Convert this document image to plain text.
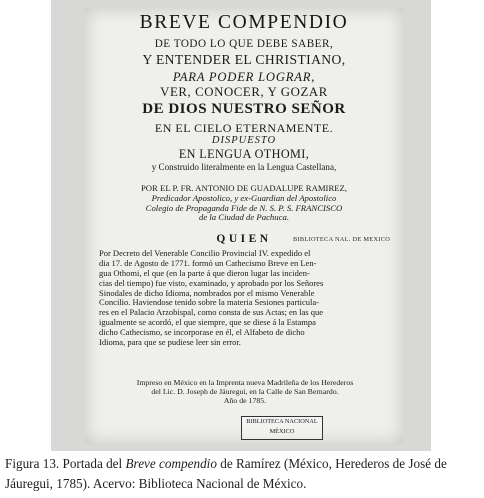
BREVE COMPENDIO
DE TODO LO QUE DEBE SABER,
Y ENTENDER EL CHRISTIANO,
PARA PODER LOGRAR,
VER, CONOCER, Y GOZAR
DE DIOS NUESTRO SEÑOR
EN EL CIELO ETERNAMENTE.
DISPUESTO
EN LENGUA OTHOMI,
y Construido literalmente en la Lengua Castellana,
POR EL P. FR. ANTONIO DE GUADALUPE RAMIREZ,
Predicador Apostolico, y ex-Guardian del Apostolico
Colegio de Propaganda Fide de N. S. P. S. FRANCISCO
de la Ciudad de Pachuca.
QUIEN	BIBLIOTECA NAL. DE MEXICO
Por Decreto del Venerable Concilio Provincial IV. expedido el
dia 17. de Agosto de 1771. formó un Cathecismo Breve en Len-
gua Othomi, el que (en la parte á que dieron lugar las inciden-
cias del tiempo) fue visto, examinado, y aprobado por los Señores
Sinodales de dicho Idioma, nombrados por el mismo Venerable
Concilio. Haviendose tenido sobre la materia Sesiones particula-
res en el Palacio Arzobispal, como consta de sus Actas; en las que
igualmente se acordó, el que siempre, que se diese á la Estampa
dicho Cathecismo, se incorporase en él, el Alfabeto de dicho
Idioma, para que se pudiese leer sin error.
Impreso en México en la Imprenta nueva Madrileña de los Herederos
del Lic. D. Joseph de Jáuregui, en la Calle de San Bernardo.
Año de 1785.
BIBLIOTECA NACIONAL
MÉXICO
Figura 13. Portada del Breve compendio de Ramírez (México, Herederos de José de Jáuregui, 1785). Acervo: Biblioteca Nacional de México.
